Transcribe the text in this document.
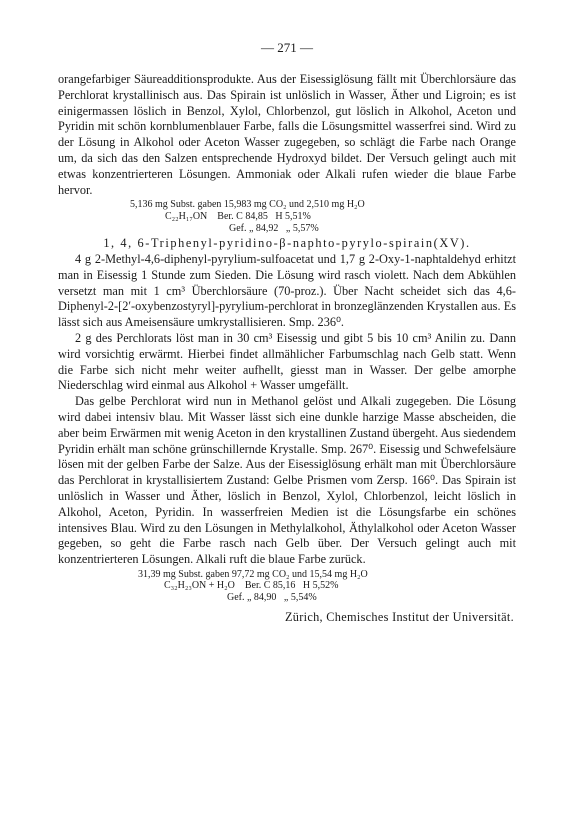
— 271 —

orangefarbiger Säureadditionsprodukte. Aus der Eisessiglösung fällt mit Überchlorsäure das Perchlorat krystallinisch aus. Das Spirain ist unlöslich in Wasser, Äther und Ligroin; es ist einigermassen löslich in Benzol, Xylol, Chlorbenzol, gut löslich in Alkohol, Aceton und Pyridin mit schön kornblumenblauer Farbe, falls die Lösungsmittel wasserfrei sind. Wird zu der Lösung in Alkohol oder Aceton Wasser zugegeben, so schlägt die Farbe nach Orange um, da sich das den Salzen entsprechende Hydroxyd bildet. Der Versuch gelingt auch mit etwas konzentrierteren Lösungen. Ammoniak oder Alkali rufen wieder die blaue Farbe hervor.

5,136 mg Subst. gaben 15,983 mg CO₂ und 2,510 mg H₂O
C₂₂H₁₇ON    Ber. C 84,85   H 5,51%
Gef. „ 84,92   „ 5,57%
1, 4, 6-Triphenyl-pyridino-β-naphto-pyrylo-spirain(XV).

4 g 2-Methyl-4,6-diphenyl-pyrylium-sulfoacetat und 1,7 g 2-Oxy-1-naphtaldehyd erhitzt man in Eisessig 1 Stunde zum Sieden. Die Lösung wird rasch violett. Nach dem Abkühlen versetzt man mit 1 cm³ Überchlorsäure (70-proz.). Über Nacht scheidet sich das 4,6-Diphenyl-2-[2′-oxybenzostyryl]-pyrylium-perchlorat in bronzeglänzenden Krystallen aus. Es lässt sich aus Ameisensäure umkrystallisieren. Smp. 236⁰.

2 g des Perchlorats löst man in 30 cm³ Eisessig und gibt 5 bis 10 cm³ Anilin zu. Dann wird vorsichtig erwärmt. Hierbei findet allmählicher Farbumschlag nach Gelb statt. Wenn die Farbe sich nicht mehr weiter aufhellt, giesst man in Wasser. Der gelbe amorphe Niederschlag wird einmal aus Alkohol + Wasser umgefällt.

Das gelbe Perchlorat wird nun in Methanol gelöst und Alkali zugegeben. Die Lösung wird dabei intensiv blau. Mit Wasser lässt sich eine dunkle harzige Masse abscheiden, die aber beim Erwärmen mit wenig Aceton in den krystallinen Zustand übergeht. Aus siedendem Pyridin erhält man schöne grünschillernde Krystalle. Smp. 267⁰. Eisessig und Schwefelsäure lösen mit der gelben Farbe der Salze. Aus der Eisessiglösung erhält man mit Überchlorsäure das Perchlorat in krystallisiertem Zustand: Gelbe Prismen vom Zersp. 166⁰. Das Spirain ist unlöslich in Wasser und Äther, löslich in Benzol, Xylol, Chlorbenzol, leicht löslich in Alkohol, Aceton, Pyridin. In wasserfreien Medien ist die Lösungsfarbe ein schönes intensives Blau. Wird zu den Lösungen in Methylalkohol, Äthylalkohol oder Aceton Wasser gegeben, so geht die Farbe rasch nach Gelb über. Der Versuch gelingt auch mit konzentrierteren Lösungen. Alkali ruft die blaue Farbe zurück.

31,39 mg Subst. gaben 97,72 mg CO₂ und 15,54 mg H₂O
C₃₂H₂₃ON + H₂O    Ber. C 85,16   H 5,52%
Gef. „ 84,90   „ 5,54%
Zürich, Chemisches Institut der Universität.
